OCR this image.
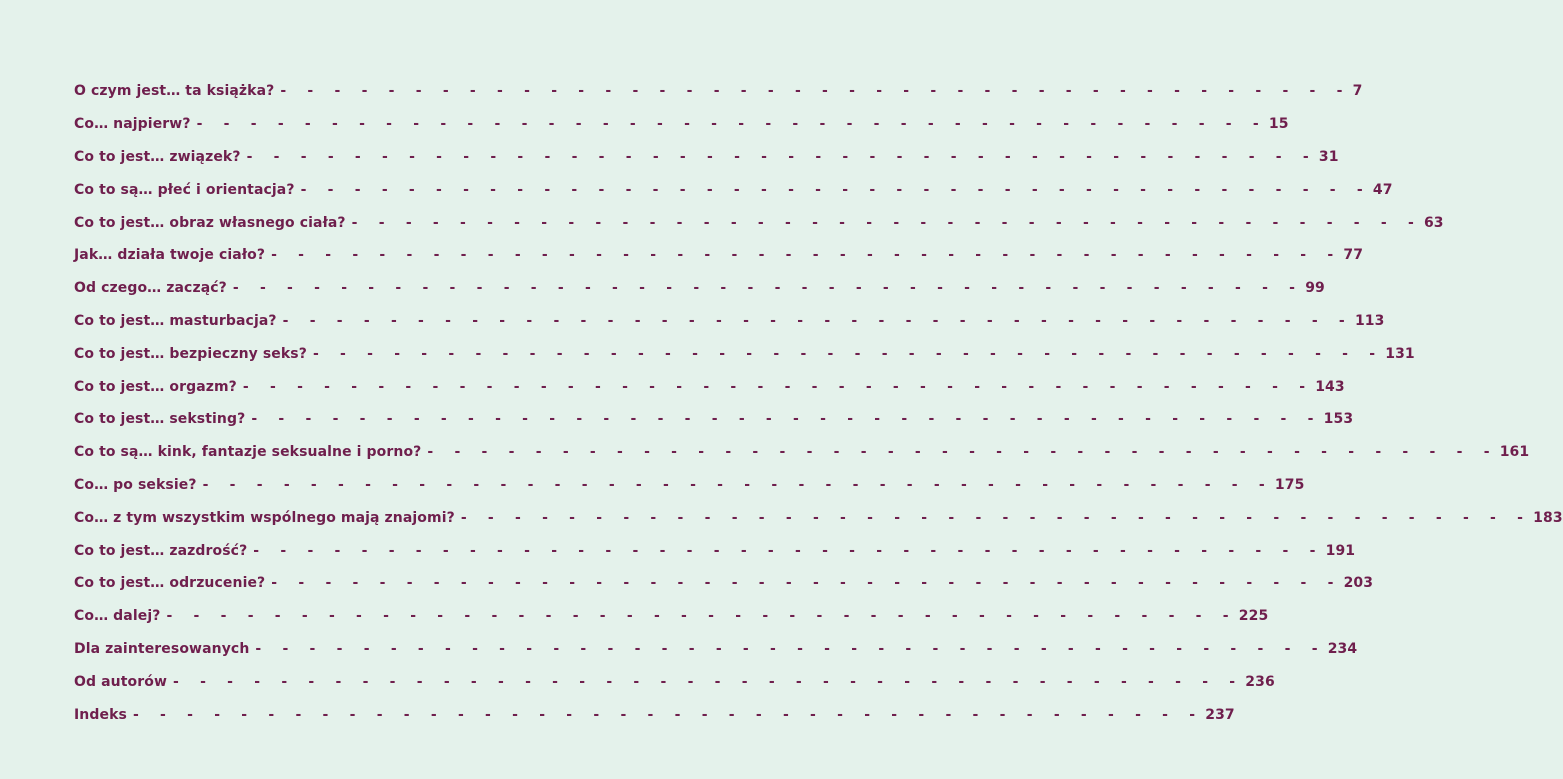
O czym jest… ta książka? - - - - - - - - - - - - - - - - - - - - - - - - - - - - - - - - - - - - - - - - 7
Co… najpierw? - - - - - - - - - - - - - - - - - - - - - - - - - - - - - - - - - - - - - - - - 15
Co to jest… związek? - - - - - - - - - - - - - - - - - - - - - - - - - - - - - - - - - - - - - - - - 31
Co to są… płeć i orientacja? - - - - - - - - - - - - - - - - - - - - - - - - - - - - - - - - - - - - - - - - 47
Co to jest… obraz własnego ciała? - - - - - - - - - - - - - - - - - - - - - - - - - - - - - - - - - - - - - - - - 63
Jak… działa twoje ciało? - - - - - - - - - - - - - - - - - - - - - - - - - - - - - - - - - - - - - - - - 77
Od czego… zacząć? - - - - - - - - - - - - - - - - - - - - - - - - - - - - - - - - - - - - - - - - 99
Co to jest… masturbacja? - - - - - - - - - - - - - - - - - - - - - - - - - - - - - - - - - - - - - - - - 113
Co to jest… bezpieczny seks? - - - - - - - - - - - - - - - - - - - - - - - - - - - - - - - - - - - - - - - - 131
Co to jest… orgazm? - - - - - - - - - - - - - - - - - - - - - - - - - - - - - - - - - - - - - - - - 143
Co to jest… seksting? - - - - - - - - - - - - - - - - - - - - - - - - - - - - - - - - - - - - - - - - 153
Co to są… kink, fantazje seksualne i porno? - - - - - - - - - - - - - - - - - - - - - - - - - - - - - - - - - - - - - - - - 161
Co… po seksie? - - - - - - - - - - - - - - - - - - - - - - - - - - - - - - - - - - - - - - - - 175
Co… z tym wszystkim wspólnego mają znajomi? - - - - - - - - - - - - - - - - - - - - - - - - - - - - - - - - - - - - - - - - 183
Co to jest… zazdrość? - - - - - - - - - - - - - - - - - - - - - - - - - - - - - - - - - - - - - - - - 191
Co to jest… odrzucenie? - - - - - - - - - - - - - - - - - - - - - - - - - - - - - - - - - - - - - - - - 203
Co… dalej? - - - - - - - - - - - - - - - - - - - - - - - - - - - - - - - - - - - - - - - - 225
Dla zainteresowanych - - - - - - - - - - - - - - - - - - - - - - - - - - - - - - - - - - - - - - - - 234
Od autorów - - - - - - - - - - - - - - - - - - - - - - - - - - - - - - - - - - - - - - - - 236
Indeks - - - - - - - - - - - - - - - - - - - - - - - - - - - - - - - - - - - - - - - - 237
